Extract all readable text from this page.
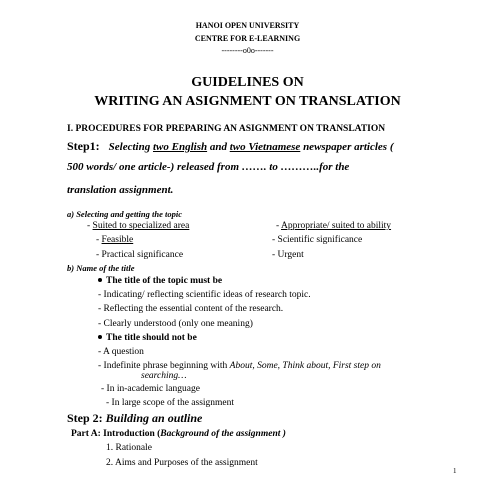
HANOI OPEN UNIVERSITY
CENTRE FOR E-LEARNING
--------o0o-------
GUIDELINES ON
WRITING AN ASIGNMENT ON TRANSLATION
I. PROCEDURES FOR PREPARING AN ASIGNMENT ON TRANSLATION
Step1: Selecting two English and two Vietnamese newspaper articles (
500 words/ one article-) released from ……. to ………..for the
translation assignment.
a) Selecting and getting the topic
- Suited to specialized area	- Appropriate/ suited to ability
- Feasible	- Scientific significance
- Practical significance	- Urgent
b) Name of the title
The title of the topic must be
- Indicating/ reflecting scientific ideas of research topic.
- Reflecting the essential content of the research.
- Clearly understood (only one meaning)
The title should not be
- A question
- Indefinite phrase beginning with About, Some, Think about, First step on
searching…
- In in-academic language
- In large scope of the assignment
Step 2: Building an outline
Part A: Introduction (Background of the assignment )
1. Rationale
2. Aims and Purposes of the assignment
1
